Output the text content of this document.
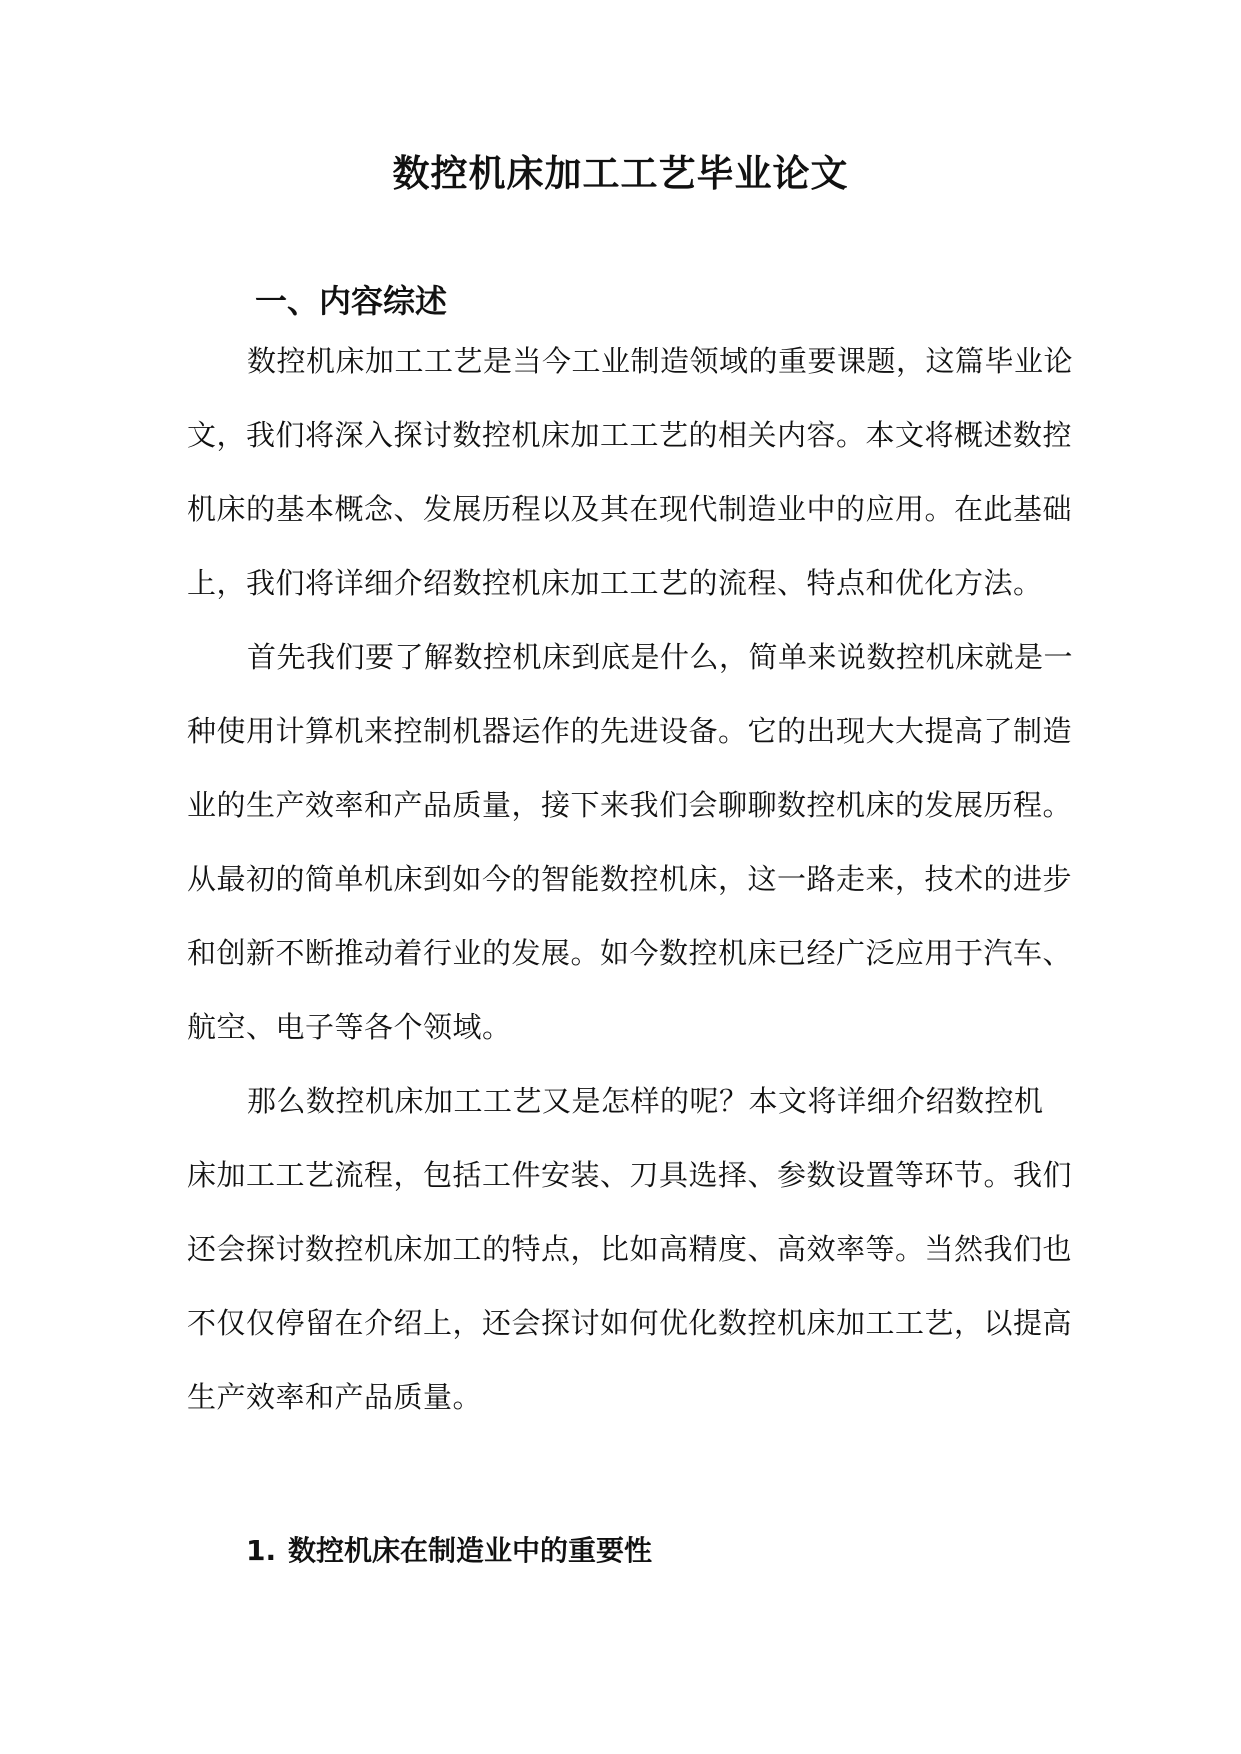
数控机床加工工艺毕业论文
一、内容综述
数控机床加工工艺是当今工业制造领域的重要课题，这篇毕业论
文，我们将深入探讨数控机床加工工艺的相关内容。本文将概述数控
机床的基本概念、发展历程以及其在现代制造业中的应用。在此基础
上，我们将详细介绍数控机床加工工艺的流程、特点和优化方法。
首先我们要了解数控机床到底是什么，简单来说数控机床就是一
种使用计算机来控制机器运作的先进设备。它的出现大大提高了制造
业的生产效率和产品质量，接下来我们会聊聊数控机床的发展历程。
从最初的简单机床到如今的智能数控机床，这一路走来，技术的进步
和创新不断推动着行业的发展。如今数控机床已经广泛应用于汽车、
航空、电子等各个领域。
那么数控机床加工工艺又是怎样的呢？本文将详细介绍数控机
床加工工艺流程，包括工件安装、刀具选择、参数设置等环节。我们
还会探讨数控机床加工的特点，比如高精度、高效率等。当然我们也
不仅仅停留在介绍上，还会探讨如何优化数控机床加工工艺，以提高
生产效率和产品质量。
1. 数控机床在制造业中的重要性
